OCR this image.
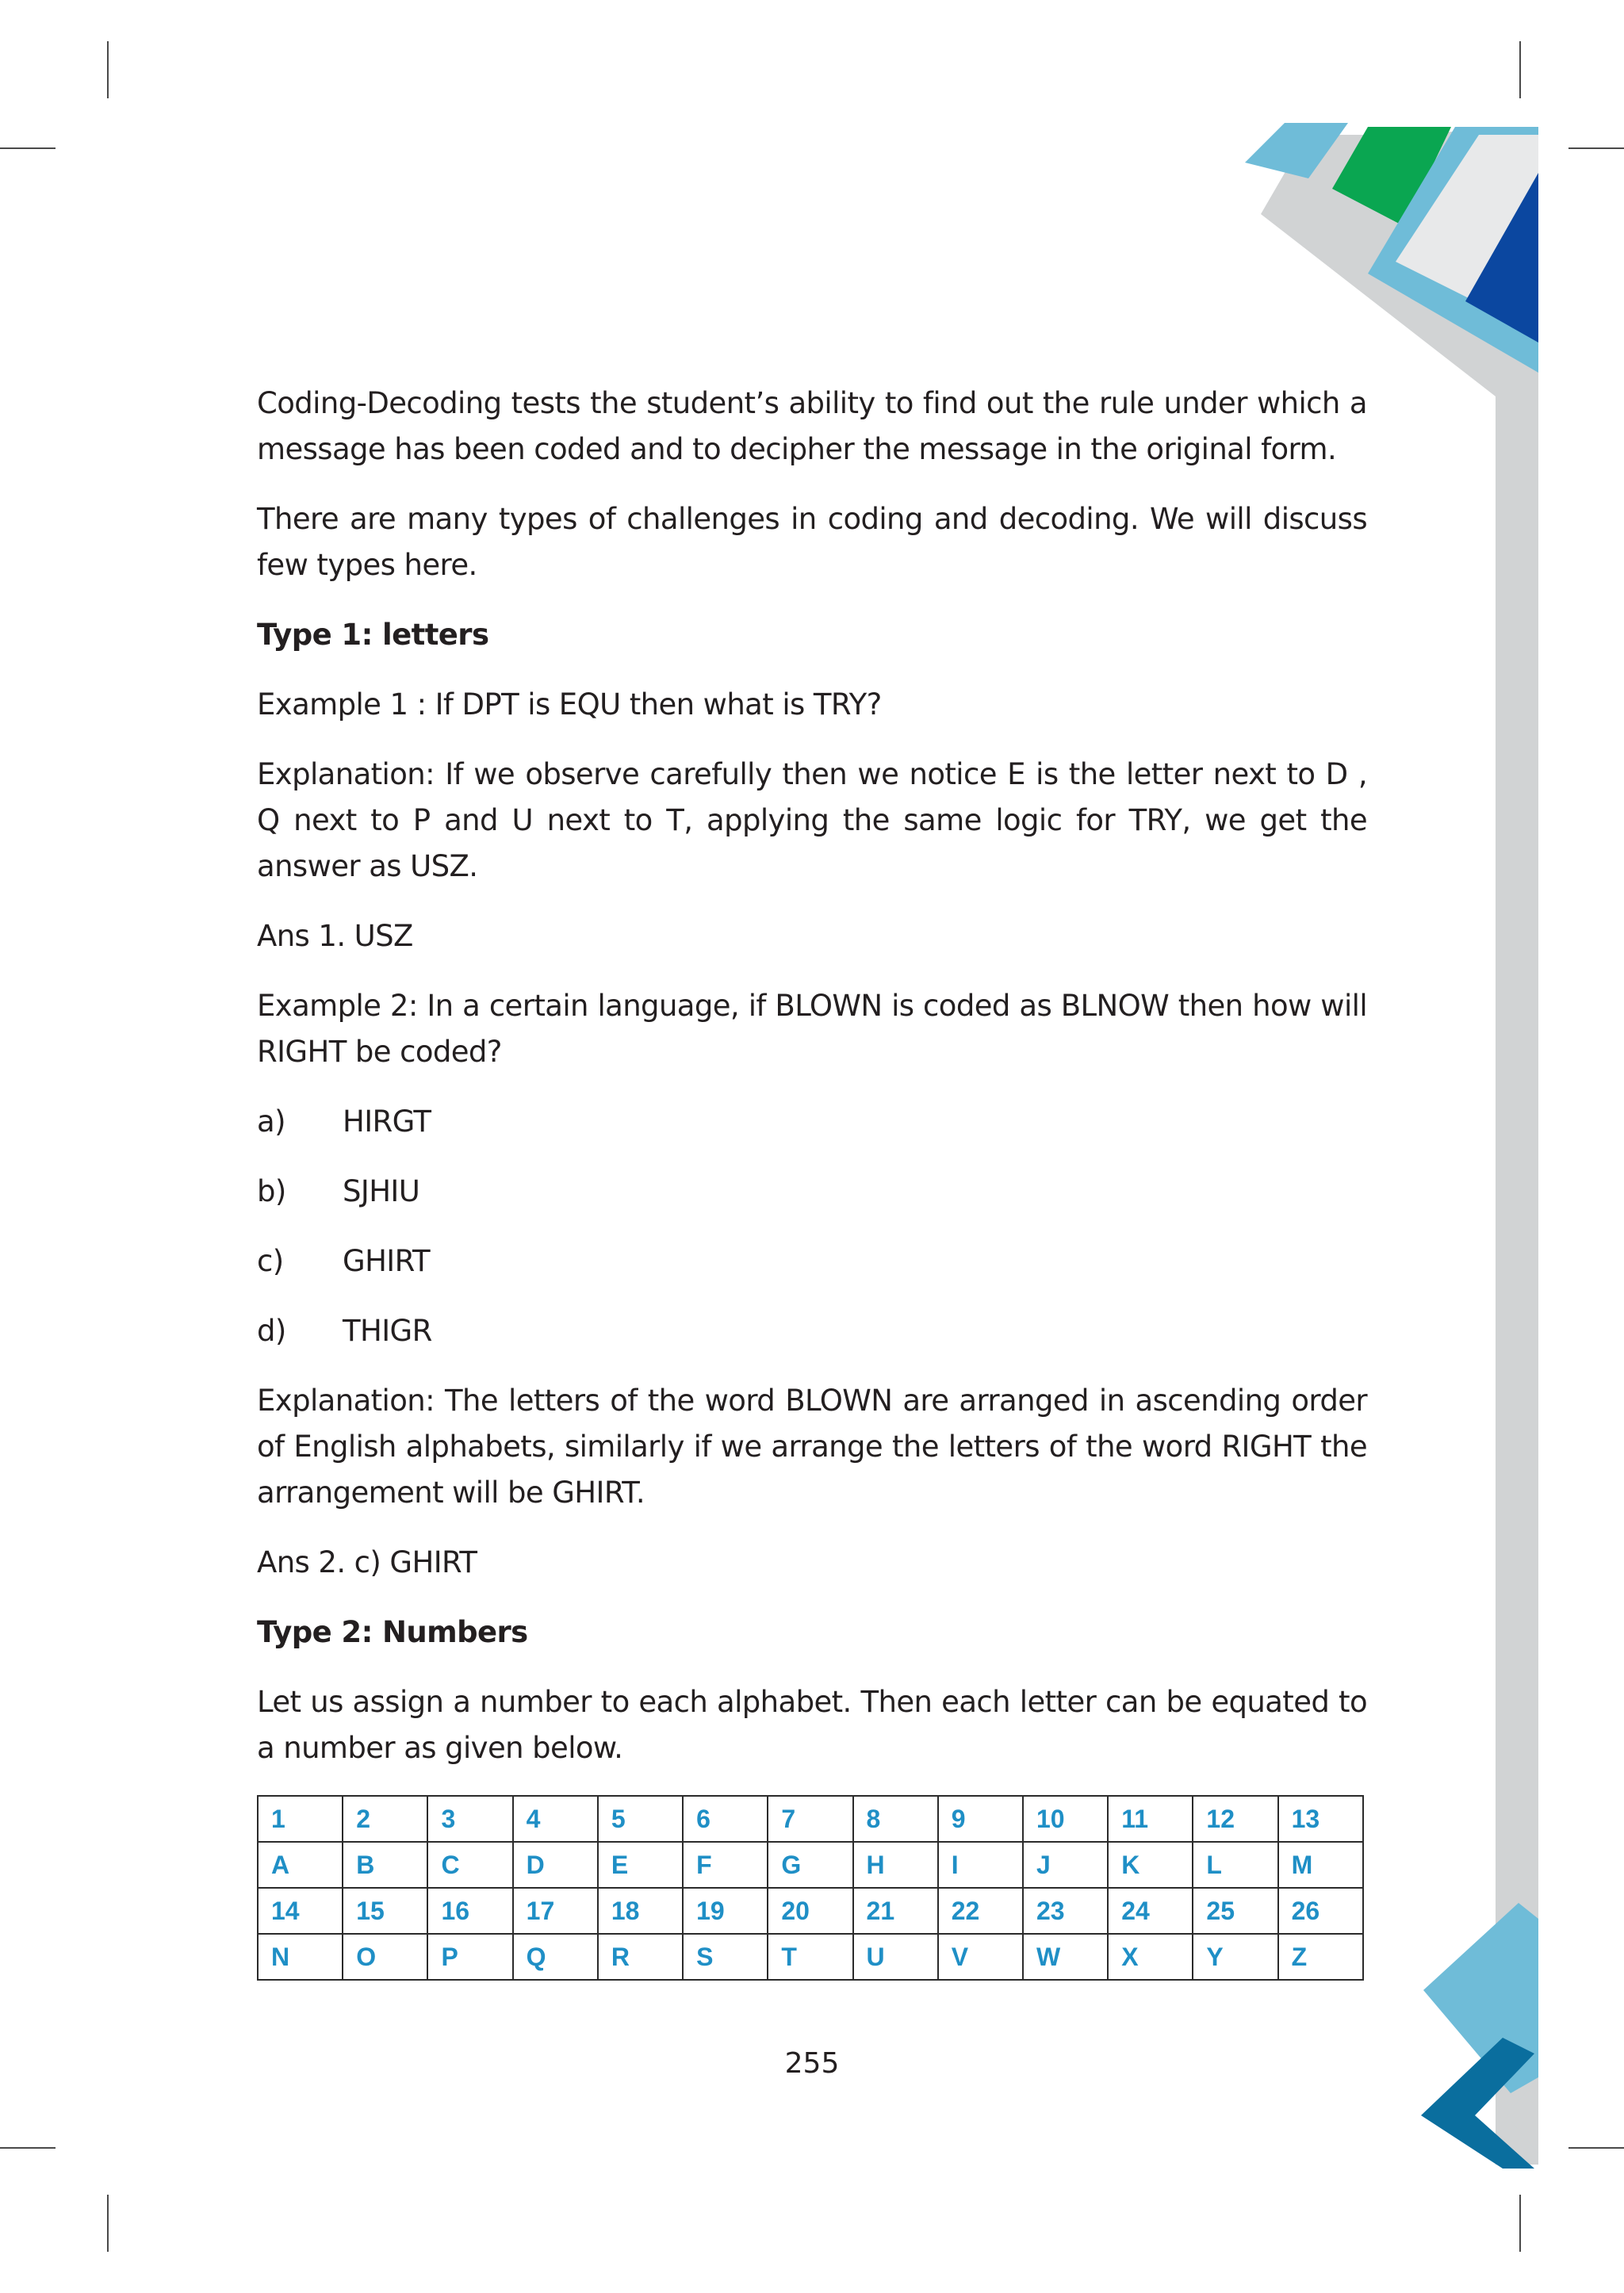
Coding-Decoding tests the student’s ability to find out the rule under which a message has been coded and to decipher the message in the original form.

There are many types of challenges in coding and decoding. We will discuss few types here.

Type 1: letters

Example 1 : If DPT is EQU then what is TRY?

Explanation: If we observe carefully then we notice E is the letter next to D , Q next to P and U next to T, applying the same logic for TRY, we get the answer as USZ.

Ans 1. USZ

Example 2: In a certain language, if BLOWN is coded as BLNOW then how will RIGHT be coded?

a)	HIRGT
b)	SJHIU
c)	GHIRT
d)	THIGR

Explanation: The letters of the word BLOWN are arranged in ascending order of English alphabets, similarly if we arrange the letters of the word RIGHT the arrangement will be GHIRT.

Ans 2. c) GHIRT

Type 2: Numbers

Let us assign a number to each alphabet. Then each letter can be equated to a number as given below.

1	2	3	4	5	6	7	8	9	10	11	12	13
A	B	C	D	E	F	G	H	I	J	K	L	M
14	15	16	17	18	19	20	21	22	23	24	25	26
N	O	P	Q	R	S	T	U	V	W	X	Y	Z
255
